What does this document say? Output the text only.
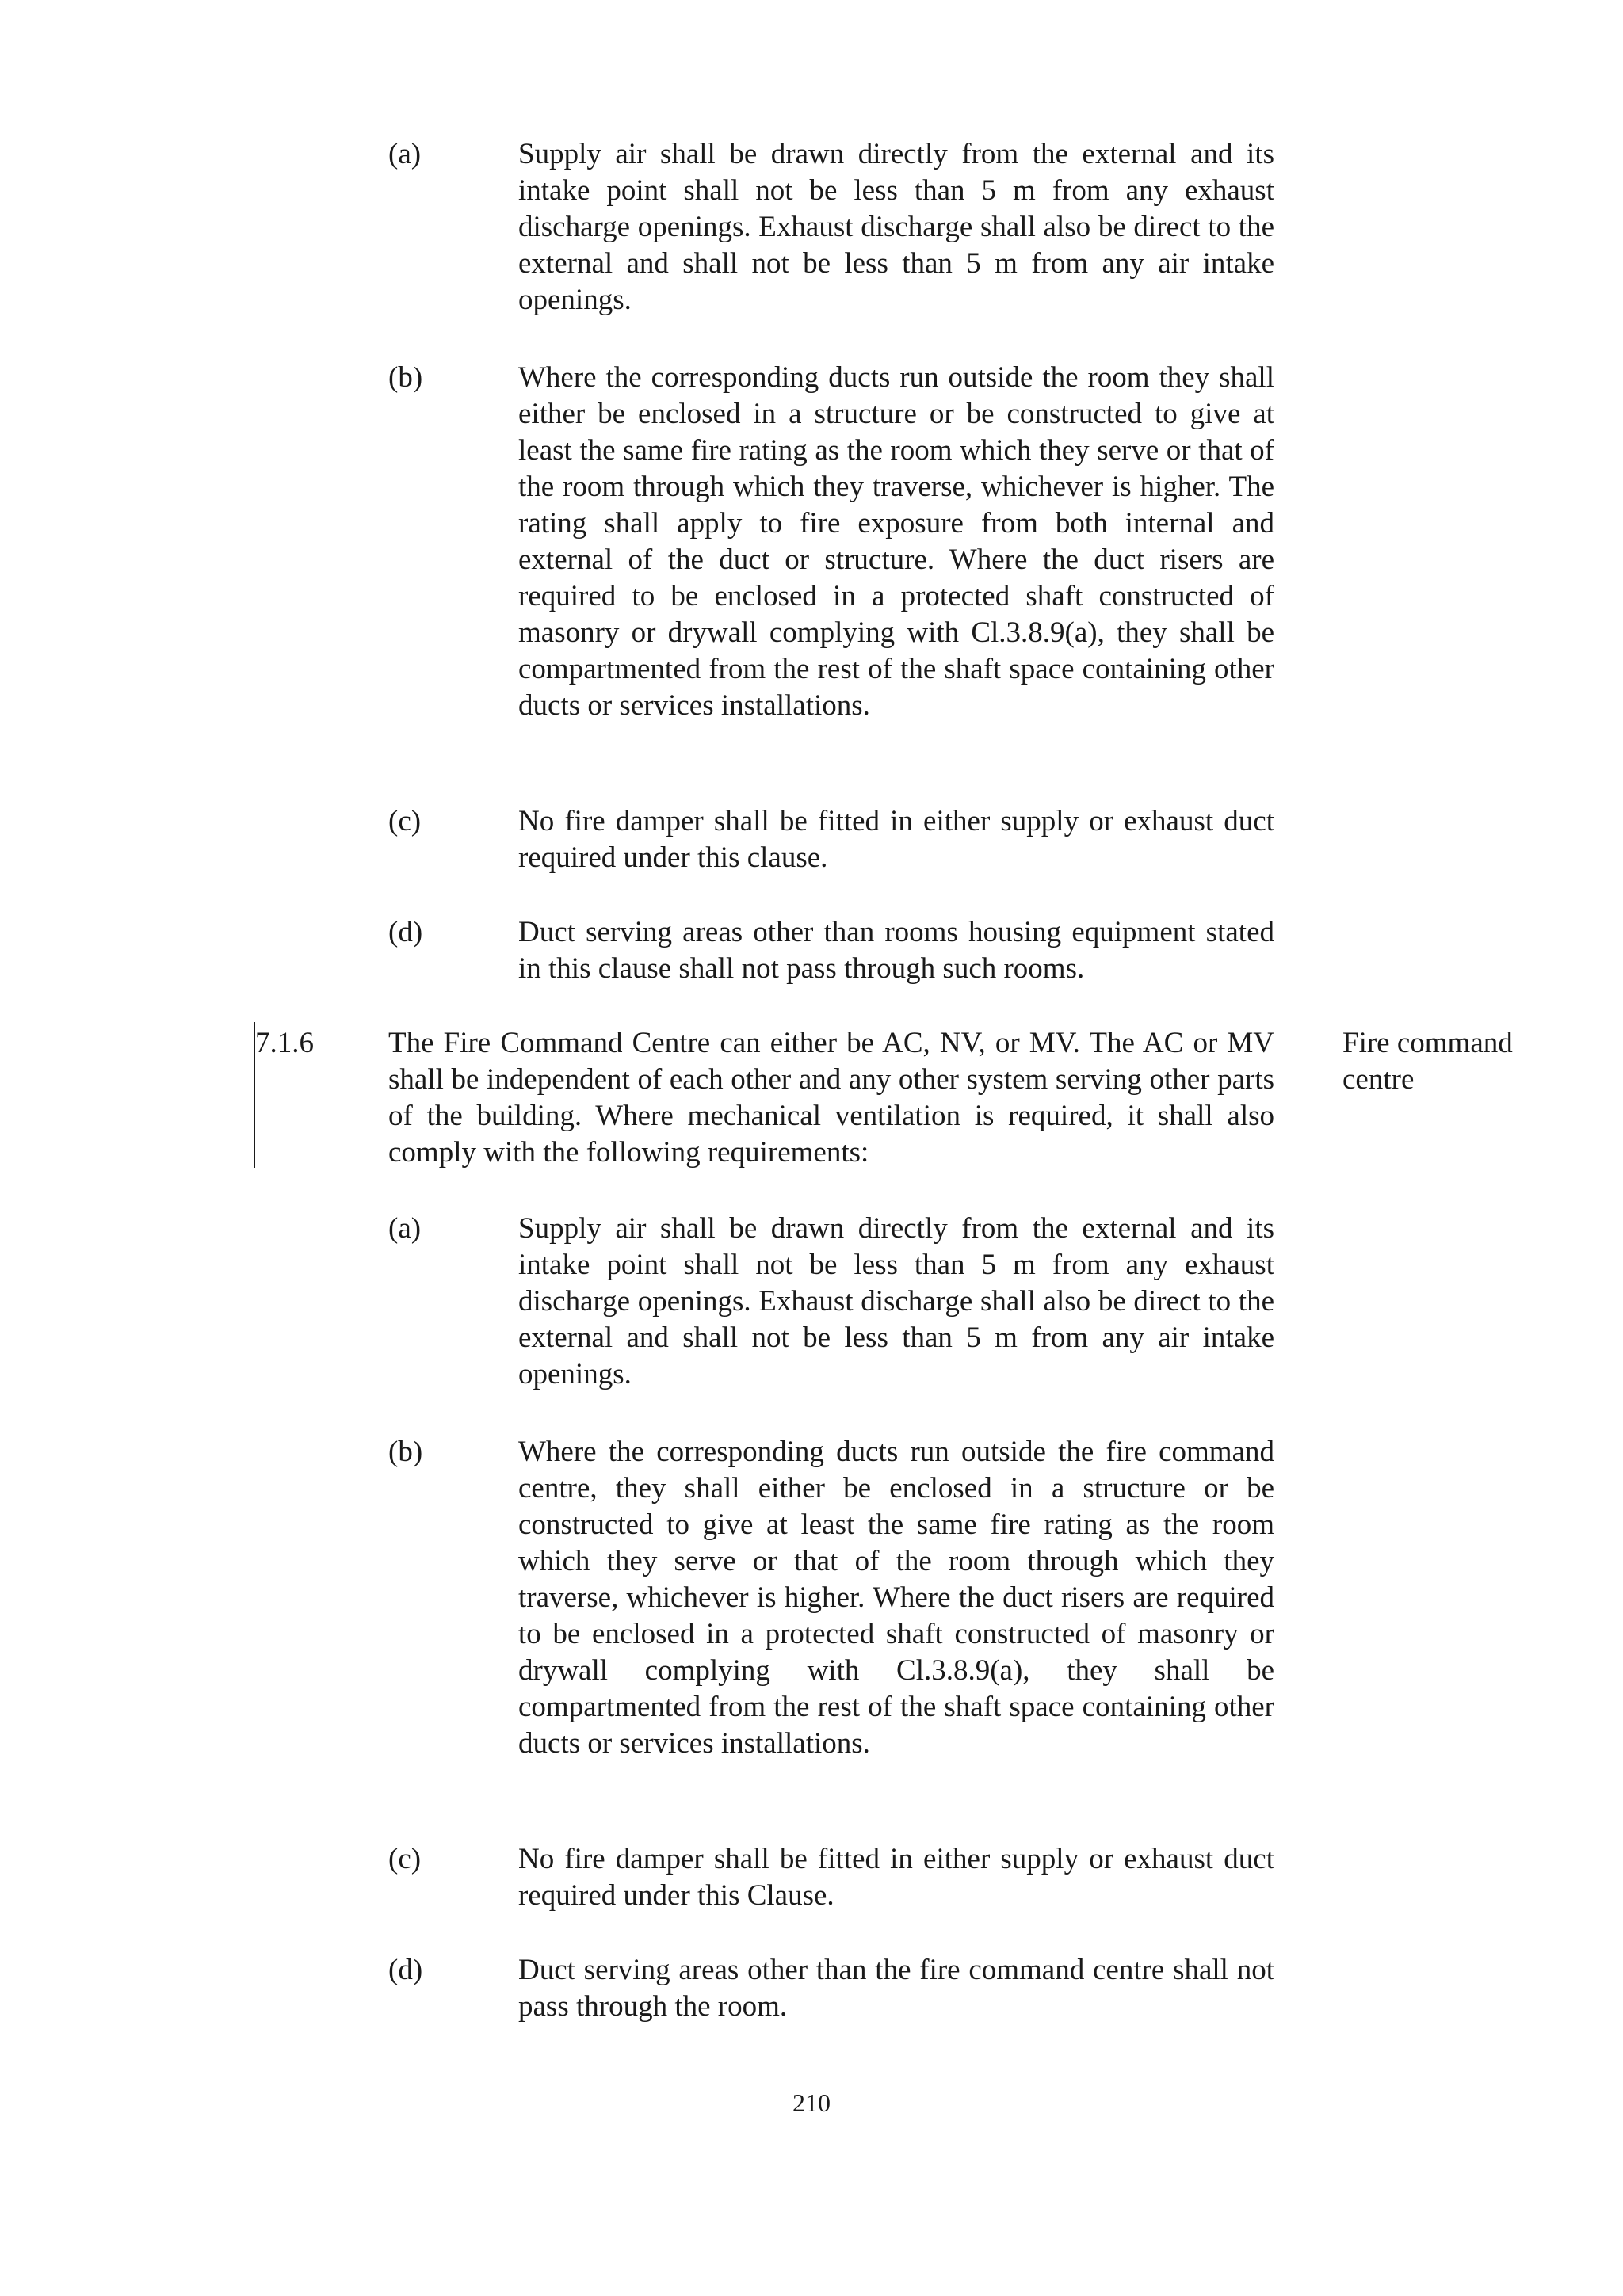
(a)	Supply air shall be drawn directly from the external and its intake point shall not be less than 5 m from any exhaust discharge openings. Exhaust discharge shall also be direct to the external and shall not be less than 5 m from any air intake openings.
(b)	Where the corresponding ducts run outside the room they shall either be enclosed in a structure or be constructed to give at least the same fire rating as the room which they serve or that of the room through which they traverse, whichever is higher. The rating shall apply to fire exposure from both internal and external of the duct or structure. Where the duct risers are required to be enclosed in a protected shaft constructed of masonry or drywall complying with Cl.3.8.9(a), they shall be compartmented from the rest of the shaft space containing other ducts or services installations.
(c)	No fire damper shall be fitted in either supply or exhaust duct required under this clause.
(d)	Duct serving areas other than rooms housing equipment stated in this clause shall not pass through such rooms.
7.1.6	The Fire Command Centre can either be AC, NV, or MV. The AC or MV shall be independent of each other and any other system serving other parts of the building. Where mechanical ventilation is required, it shall also comply with the following requirements:
Fire command centre
(a)	Supply air shall be drawn directly from the external and its intake point shall not be less than 5 m from any exhaust discharge openings. Exhaust discharge shall also be direct to the external and shall not be less than 5 m from any air intake openings.
(b)	Where the corresponding ducts run outside the fire command centre, they shall either be enclosed in a structure or be constructed to give at least the same fire rating as the room which they serve or that of the room through which they traverse, whichever is higher. Where the duct risers are required to be enclosed in a protected shaft constructed of masonry or drywall complying with Cl.3.8.9(a), they shall be compartmented from the rest of the shaft space containing other ducts or services installations.
(c)	No fire damper shall be fitted in either supply or exhaust duct required under this Clause.
(d)	Duct serving areas other than the fire command centre shall not pass through the room.
210
